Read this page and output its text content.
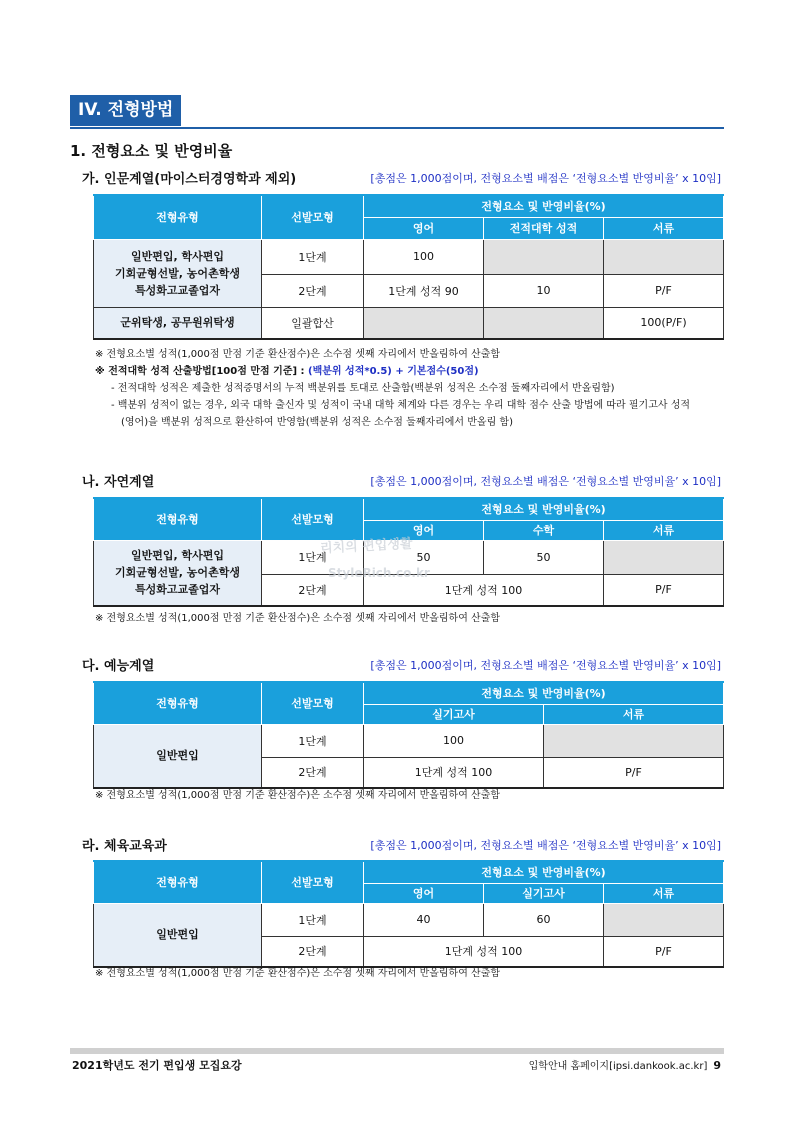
IV. 전형방법
1. 전형요소 및 반영비율
가. 인문계열(마이스터경영학과 제외)	[총점은 1,000점이며, 전형요소별 배점은 ‘전형요소별 반영비율’ x 10임]
전형유형	선발모형	전형요소 및 반영비율(%)		
		영어	전적대학 성적	서류

일반편입, 학사편입
기회균형선발, 농어촌학생
특성화고교졸업자	1단계	100		
	2단계	1단계 성적 90	10	P/F
군위탁생, 공무원위탁생	일괄합산			100(P/F)
※ 전형요소별 성적(1,000점 만점 기준 환산점수)은 소수점 셋째 자리에서 반올림하여 산출함
※ 전적대학 성적 산출방법[100점 만점 기준] : (백분위 성적*0.5) + 기본점수(50점)
- 전적대학 성적은 제출한 성적증명서의 누적 백분위를 토대로 산출함(백분위 성적은 소수점 둘째자리에서 반올림함)
- 백분위 성적이 없는 경우, 외국 대학 출신자 및 성적이 국내 대학 체계와 다른 경우는 우리 대학 점수 산출 방법에 따라 필기고사 성적
(영어)을 백분위 성적으로 환산하여 반영함(백분위 성적은 소수점 둘째자리에서 반올림 함)
나. 자연계열	[총점은 1,000점이며, 전형요소별 배점은 ‘전형요소별 반영비율’ x 10임]
전형유형	선발모형	전형요소 및 반영비율(%)		
		영어	수학	서류

일반편입, 학사편입
기회균형선발, 농어촌학생
특성화고교졸업자	1단계	50	50	
	2단계	1단계 성적 100		P/F
리치의 편입생활
StyleRich.co.kr
※ 전형요소별 성적(1,000점 만점 기준 환산점수)은 소수점 셋째 자리에서 반올림하여 산출함
다. 예능계열	[총점은 1,000점이며, 전형요소별 배점은 ‘전형요소별 반영비율’ x 10임]
전형유형	선발모형	전형요소 및 반영비율(%)	
		실기고사	서류
일반편입	1단계	100	
	2단계	1단계 성적 100	P/F
※ 전형요소별 성적(1,000점 만점 기준 환산점수)은 소수점 셋째 자리에서 반올림하여 산출함
라. 체육교육과	[총점은 1,000점이며, 전형요소별 배점은 ‘전형요소별 반영비율’ x 10임]
전형유형	선발모형	전형요소 및 반영비율(%)		
		영어	실기고사	서류
일반편입	1단계	40	60	
	2단계	1단계 성적 100		P/F
※ 전형요소별 성적(1,000점 만점 기준 환산점수)은 소수점 셋째 자리에서 반올림하여 산출함
2021학년도 전기 편입생 모집요강	입학안내 홈페이지[ipsi.dankook.ac.kr] 9
